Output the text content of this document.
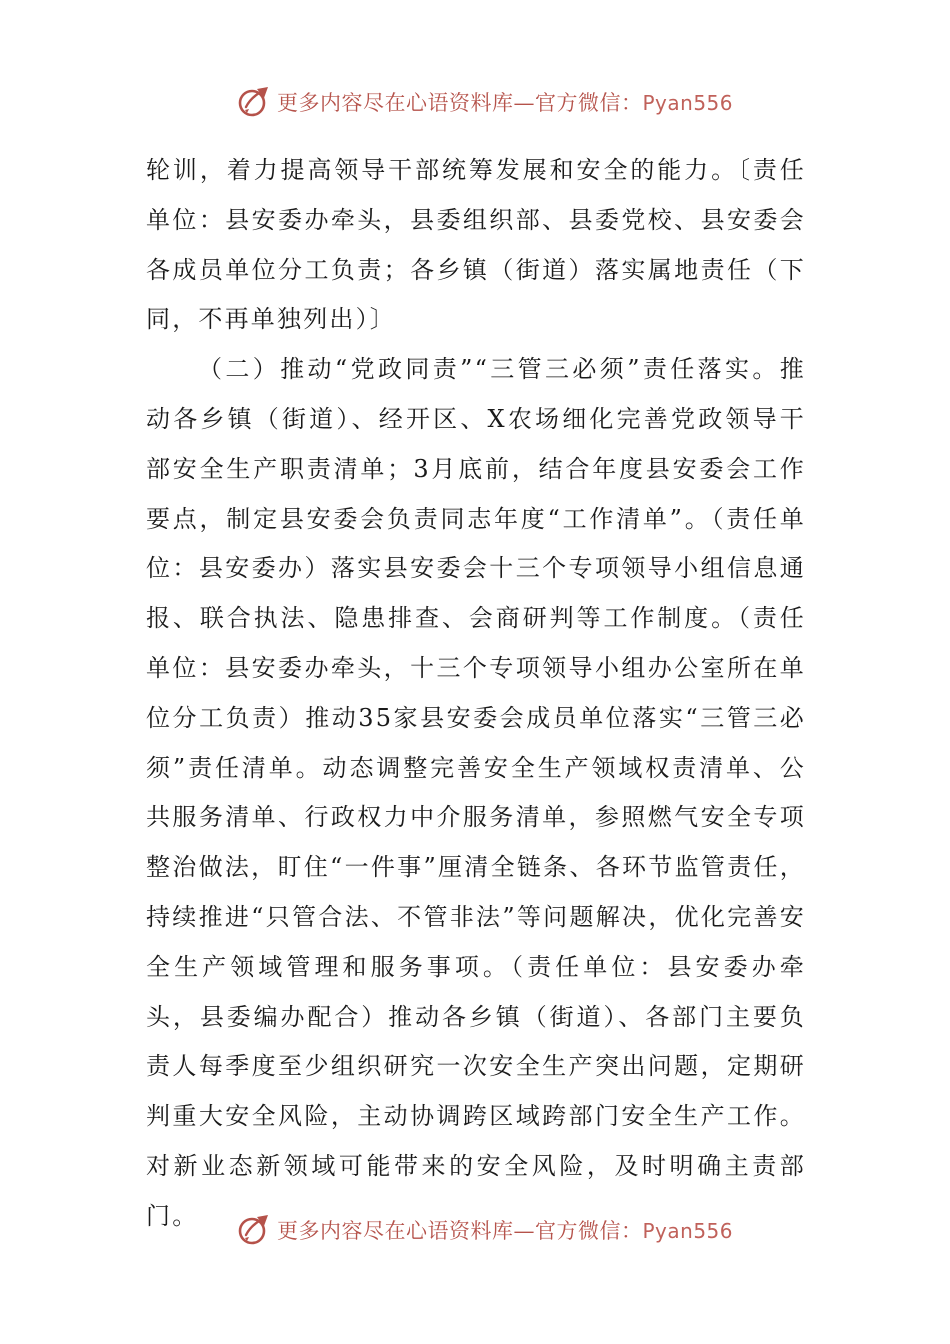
更多内容尽在心语资料库—官方微信：Pyan556

轮训，着力提高领导干部统筹发展和安全的能力。〔责任单位：县安委办牵头，县委组织部、县委党校、县安委会各成员单位分工负责；各乡镇（街道）落实属地责任（下同，不再单独列出）〕

（二）推动“党政同责”“三管三必须”责任落实。推动各乡镇（街道）、经开区、X农场细化完善党政领导干部安全生产职责清单；3月底前，结合年度县安委会工作要点，制定县安委会负责同志年度“工作清单”。（责任单位：县安委办）落实县安委会十三个专项领导小组信息通报、联合执法、隐患排查、会商研判等工作制度。（责任单位：县安委办牵头，十三个专项领导小组办公室所在单位分工负责）推动35家县安委会成员单位落实“三管三必须”责任清单。动态调整完善安全生产领域权责清单、公共服务清单、行政权力中介服务清单，参照燃气安全专项整治做法，盯住“一件事”厘清全链条、各环节监管责任，持续推进“只管合法、不管非法”等问题解决，优化完善安全生产领域管理和服务事项。（责任单位：县安委办牵头，县委编办配合）推动各乡镇（街道）、各部门主要负责人每季度至少组织研究一次安全生产突出问题，定期研判重大安全风险，主动协调跨区域跨部门安全生产工作。对新业态新领域可能带来的安全风险，及时明确主责部门。

更多内容尽在心语资料库—官方微信：Pyan556
